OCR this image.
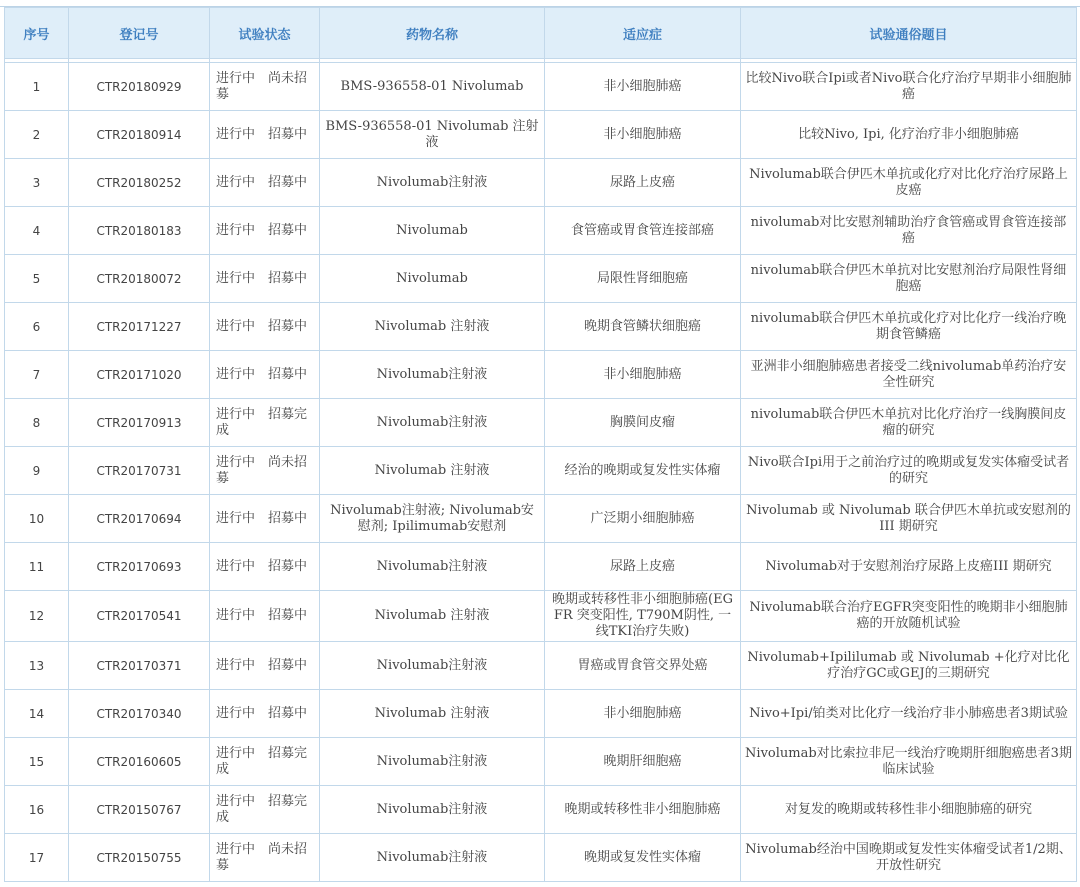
序号	登记号	试验状态	药物名称	适应症	试验通俗题目

1	CTR20180929	进行中　尚未招募	BMS-936558-01 Nivolumab	非小细胞肺癌	比较Nivo联合Ipi或者Nivo联合化疗治疗早期非小细胞肺癌
2	CTR20180914	进行中　招募中	BMS-936558-01 Nivolumab 注射液	非小细胞肺癌	比较Nivo, Ipi, 化疗治疗非小细胞肺癌
3	CTR20180252	进行中　招募中	Nivolumab注射液	尿路上皮癌	Nivolumab联合伊匹木单抗或化疗对比化疗治疗尿路上皮癌
4	CTR20180183	进行中　招募中	Nivolumab	食管癌或胃食管连接部癌	nivolumab对比安慰剂辅助治疗食管癌或胃食管连接部癌
5	CTR20180072	进行中　招募中	Nivolumab	局限性肾细胞癌	nivolumab联合伊匹木单抗对比安慰剂治疗局限性肾细胞癌
6	CTR20171227	进行中　招募中	Nivolumab 注射液	晚期食管鳞状细胞癌	nivolumab联合伊匹木单抗或化疗对比化疗一线治疗晚期食管鳞癌
7	CTR20171020	进行中　招募中	Nivolumab注射液	非小细胞肺癌	亚洲非小细胞肺癌患者接受二线nivolumab单药治疗安全性研究
8	CTR20170913	进行中　招募完成	Nivolumab注射液	胸膜间皮瘤	nivolumab联合伊匹木单抗对比化疗治疗一线胸膜间皮瘤的研究
9	CTR20170731	进行中　尚未招募	Nivolumab 注射液	经治的晚期或复发性实体瘤	Nivo联合Ipi用于之前治疗过的晚期或复发实体瘤受试者的研究
10	CTR20170694	进行中　招募中	Nivolumab注射液; Nivolumab安慰剂; Ipilimumab安慰剂	广泛期小细胞肺癌	Nivolumab 或 Nivolumab 联合伊匹木单抗或安慰剂的III 期研究
11	CTR20170693	进行中　招募中	Nivolumab注射液	尿路上皮癌	Nivolumab对于安慰剂治疗尿路上皮癌III 期研究
12	CTR20170541	进行中　招募中	Nivolumab 注射液	晚期或转移性非小细胞肺癌(EGFR 突变阳性, T790M阴性, 一线TKI治疗失败)	Nivolumab联合治疗EGFR突变阳性的晚期非小细胞肺癌的开放随机试验
13	CTR20170371	进行中　招募中	Nivolumab注射液	胃癌或胃食管交界处癌	Nivolumab+Ipililumab 或 Nivolumab +化疗对比化疗治疗GC或GEJ的三期研究
14	CTR20170340	进行中　招募中	Nivolumab 注射液	非小细胞肺癌	Nivo+Ipi/铂类对比化疗一线治疗非小肺癌患者3期试验
15	CTR20160605	进行中　招募完成	Nivolumab注射液	晚期肝细胞癌	Nivolumab对比索拉非尼一线治疗晚期肝细胞癌患者3期临床试验
16	CTR20150767	进行中　招募完成	Nivolumab注射液	晚期或转移性非小细胞肺癌	对复发的晚期或转移性非小细胞肺癌的研究
17	CTR20150755	进行中　尚未招募	Nivolumab注射液	晚期或复发性实体瘤	Nivolumab经治中国晚期或复发性实体瘤受试者1/2期、开放性研究
